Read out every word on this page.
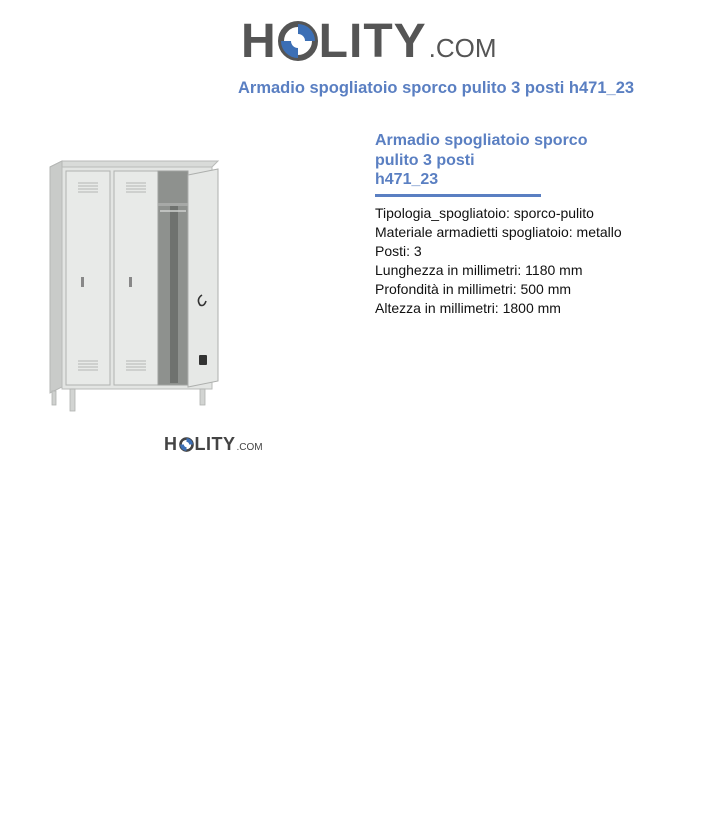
H LITY .COM
Armadio spogliatoio sporco pulito 3 posti h471_23
H LITY .COM
Armadio spogliatoio sporco
pulito 3 posti
h471_23
Tipologia_spogliatoio: sporco-pulito
Materiale armadietti spogliatoio: metallo
Posti: 3
Lunghezza in millimetri: 1180 mm
Profondità in millimetri: 500 mm
Altezza in millimetri: 1800 mm
